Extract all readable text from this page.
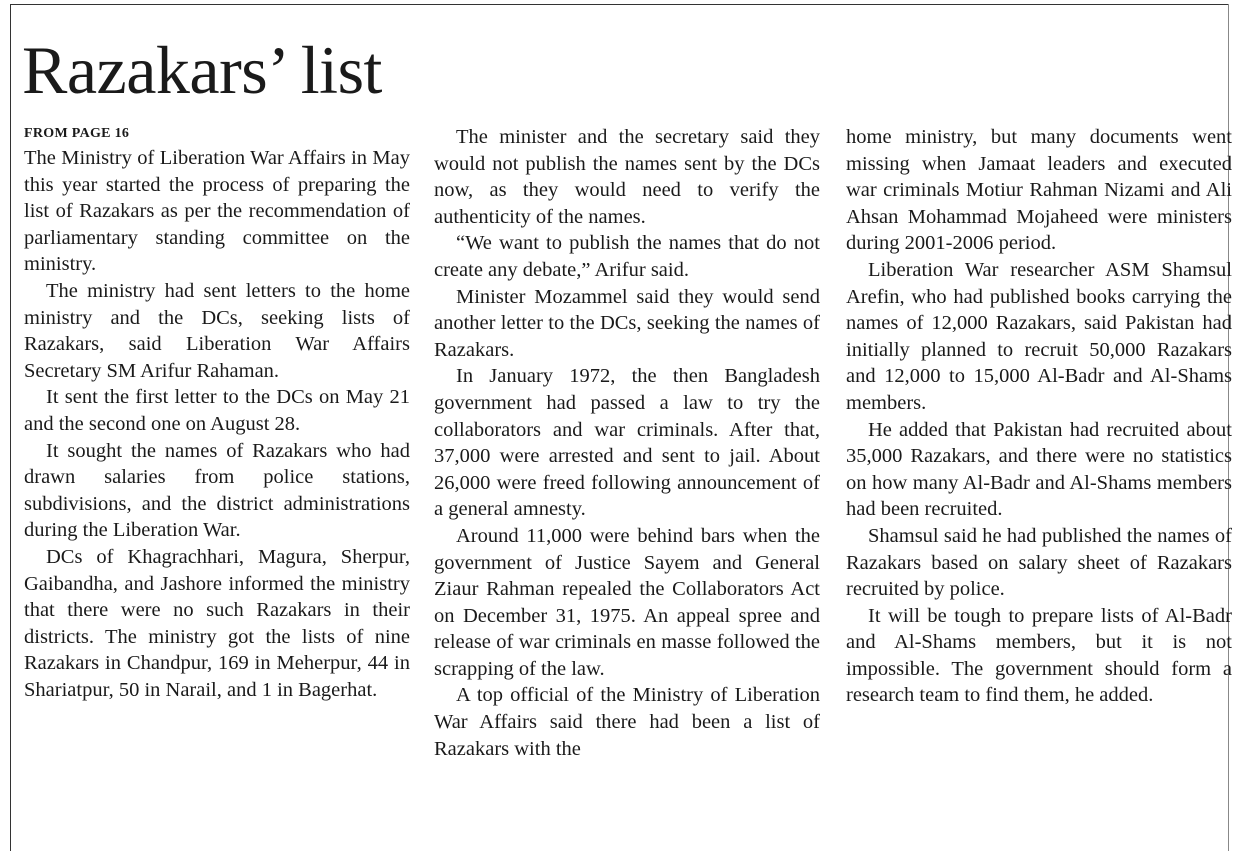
Razakars’ list
FROM PAGE 16

The Ministry of Liberation War Affairs in May this year started the process of preparing the list of Razakars as per the recommendation of parliamentary standing committee on the ministry.

The ministry had sent letters to the home ministry and the DCs, seeking lists of Razakars, said Liberation War Affairs Secretary SM Arifur Rahaman.

It sent the first letter to the DCs on May 21 and the second one on August 28.

It sought the names of Razakars who had drawn salaries from police stations, subdivisions, and the district administrations during the Liberation War.

DCs of Khagrachhari, Magura, Sherpur, Gaibandha, and Jashore informed the ministry that there were no such Razakars in their districts. The ministry got the lists of nine Razakars in Chandpur, 169 in Meherpur, 44 in Shariatpur, 50 in Narail, and 1 in Bagerhat.

The minister and the secretary said they would not publish the names sent by the DCs now, as they would need to verify the authenticity of the names.

“We want to publish the names that do not create any debate,” Arifur said.

Minister Mozammel said they would send another letter to the DCs, seeking the names of Razakars.

In January 1972, the then Bangladesh government had passed a law to try the collaborators and war criminals. After that, 37,000 were arrested and sent to jail. About 26,000 were freed following announcement of a general amnesty.

Around 11,000 were behind bars when the government of Justice Sayem and General Ziaur Rahman repealed the Collaborators Act on December 31, 1975. An appeal spree and release of war criminals en masse followed the scrapping of the law.

A top official of the Ministry of Liberation War Affairs said there had been a list of Razakars with the

home ministry, but many documents went missing when Jamaat leaders and executed war criminals Motiur Rahman Nizami and Ali Ahsan Mohammad Mojaheed were ministers during 2001-2006 period.

Liberation War researcher ASM Shamsul Arefin, who had published books carrying the names of 12,000 Razakars, said Pakistan had initially planned to recruit 50,000 Razakars and 12,000 to 15,000 Al-Badr and Al-Shams members.

He added that Pakistan had recruited about 35,000 Razakars, and there were no statistics on how many Al-Badr and Al-Shams members had been recruited.

Shamsul said he had published the names of Razakars based on salary sheet of Razakars recruited by police.

It will be tough to prepare lists of Al-Badr and Al-Shams members, but it is not impossible. The government should form a research team to find them, he added.
